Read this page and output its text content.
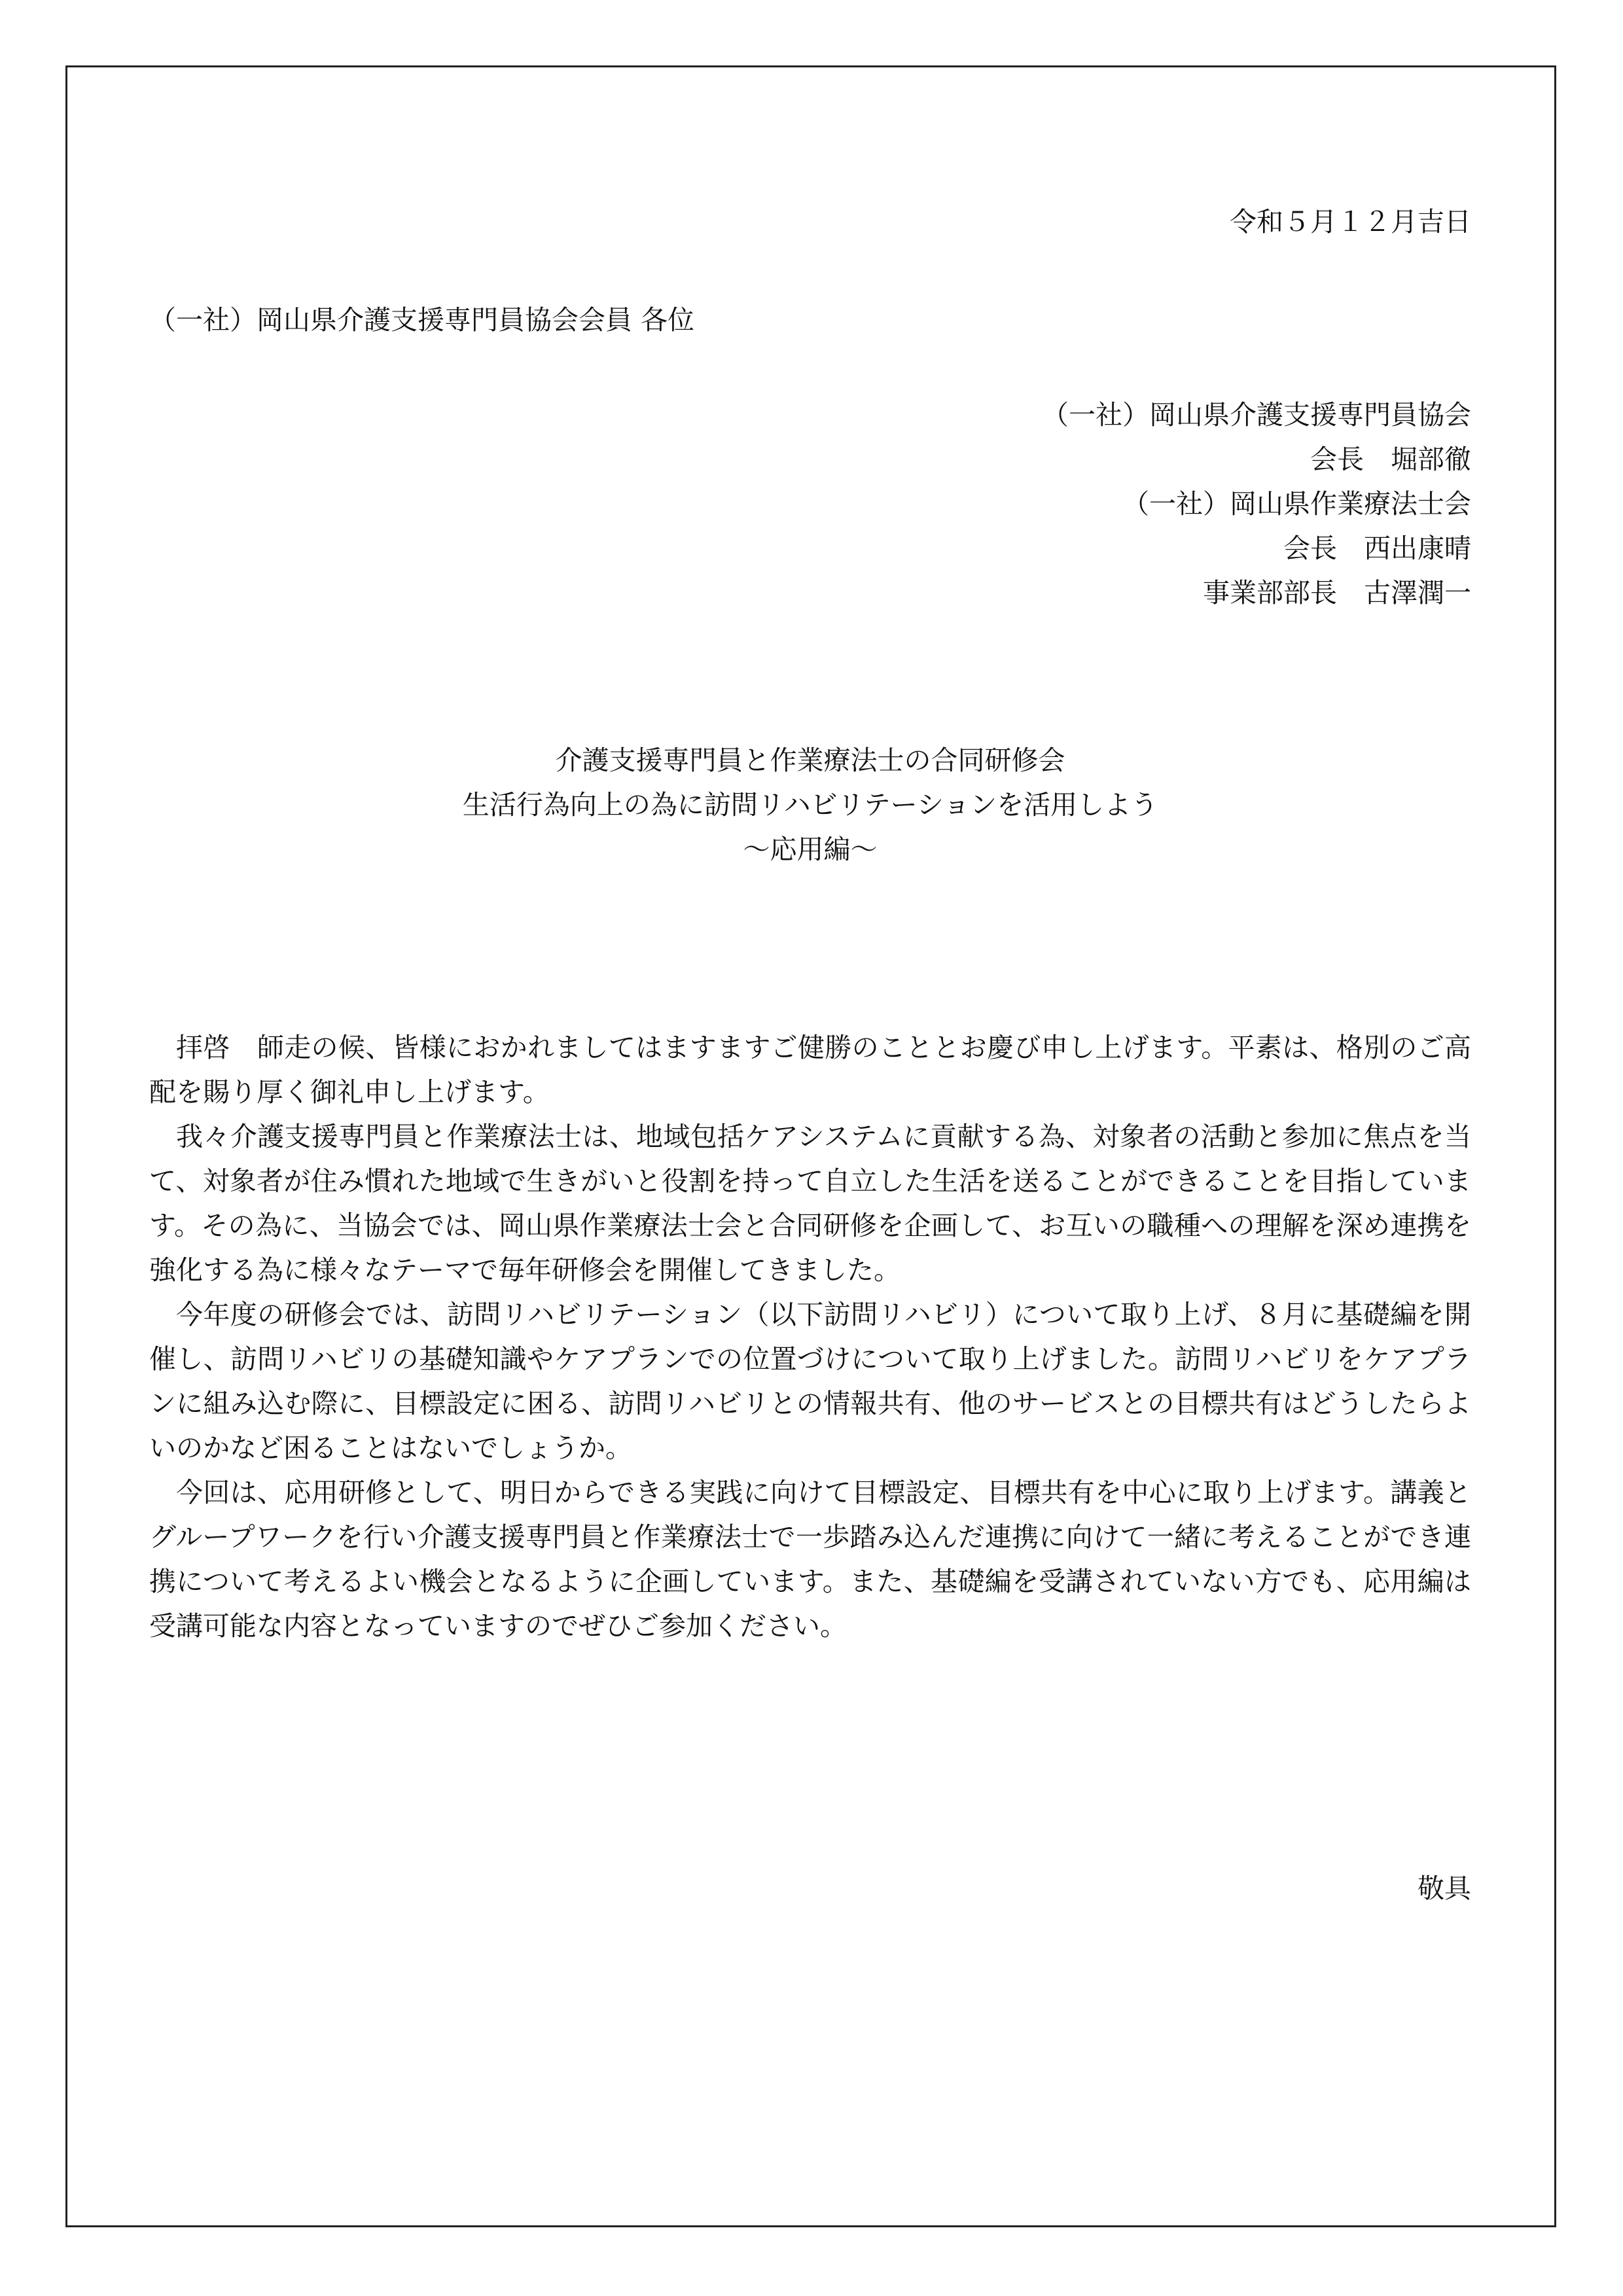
令和５月１２月吉日
（一社）岡山県介護支援専門員協会会員 各位
（一社）岡山県介護支援専門員協会
会長　堀部徹　
（一社）岡山県作業療法士会
会長　西出康晴
事業部部長　古澤潤一
介護支援専門員と作業療法士の合同研修会
生活行為向上の為に訪問リハビリテーションを活用しよう
〜応用編〜

拝啓　師走の候、皆様におかれましてはますますご健勝のこととお慶び申し上げます。平素は、格別のご高配を賜り厚く御礼申し上げます。

我々介護支援専門員と作業療法士は、地域包括ケアシステムに貢献する為、対象者の活動と参加に焦点を当て、対象者が住み慣れた地域で生きがいと役割を持って自立した生活を送ることができることを目指しています。その為に、当協会では、岡山県作業療法士会と合同研修を企画して、お互いの職種への理解を深め連携を強化する為に様々なテーマで毎年研修会を開催してきました。

今年度の研修会では、訪問リハビリテーション（以下訪問リハビリ）について取り上げ、８月に基礎編を開催し、訪問リハビリの基礎知識やケアプランでの位置づけについて取り上げました。訪問リハビリをケアプランに組み込む際に、目標設定に困る、訪問リハビリとの情報共有、他のサービスとの目標共有はどうしたらよいのかなど困ることはないでしょうか。

今回は、応用研修として、明日からできる実践に向けて目標設定、目標共有を中心に取り上げます。講義とグループワークを行い介護支援専門員と作業療法士で一歩踏み込んだ連携に向けて一緒に考えることができ連携について考えるよい機会となるように企画しています。また、基礎編を受講されていない方でも、応用編は受講可能な内容となっていますのでぜひご参加ください。

敬具
